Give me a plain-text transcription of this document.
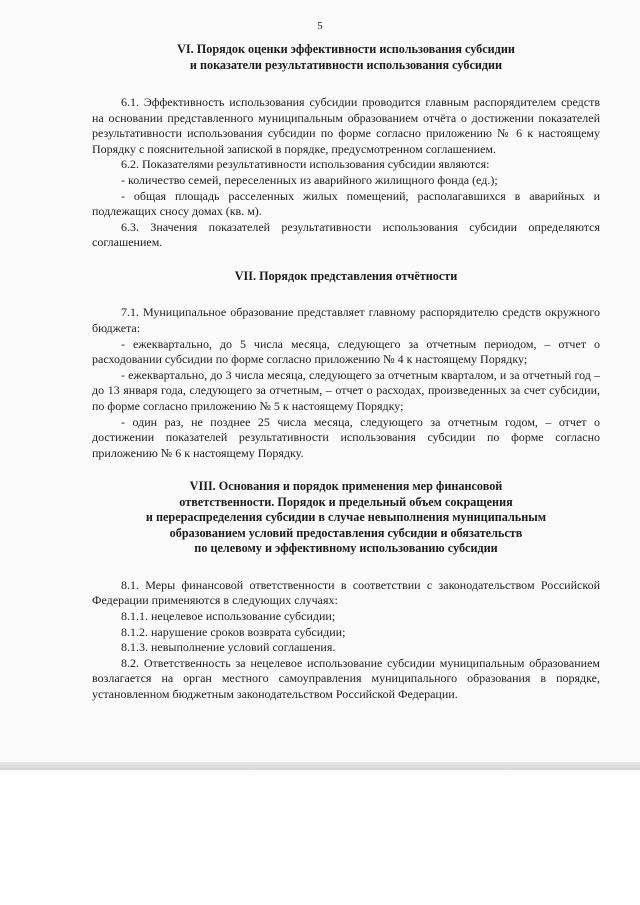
5
VI. Порядок оценки эффективности использования субсидии
и показатели результативности использования субсидии

6.1. Эффективность использования субсидии проводится главным распорядителем средств на основании представленного муниципальным образованием отчёта о достижении показателей результативности использования субсидии по форме согласно приложению № 6 к настоящему Порядку с пояснительной запиской в порядке, предусмотренном соглашением.

6.2. Показателями результативности использования субсидии являются:

- количество семей, переселенных из аварийного жилищного фонда (ед.);

- общая площадь расселенных жилых помещений, располагавшихся в аварийных и подлежащих сносу домах (кв. м).

6.3. Значения показателей результативности использования субсидии определяются соглашением.

VII. Порядок представления отчётности

7.1. Муниципальное образование представляет главному распорядителю средств окружного бюджета:

- ежеквартально, до 5 числа месяца, следующего за отчетным периодом, – отчет о расходовании субсидии по форме согласно приложению № 4 к настоящему Порядку;

- ежеквартально, до 3 числа месяца, следующего за отчетным кварталом, и за отчетный год – до 13 января года, следующего за отчетным, – отчет о расходах, произведенных за счет субсидии, по форме согласно приложению № 5 к настоящему Порядку;

- один раз, не позднее 25 числа месяца, следующего за отчетным годом, – отчет о достижении показателей результативности использования субсидии по форме согласно приложению № 6 к настоящему Порядку.

VIII. Основания и порядок применения мер финансовой
ответственности. Порядок и предельный объем сокращения
и перераспределения субсидии в случае невыполнения муниципальным
образованием условий предоставления субсидии и обязательств
по целевому и эффективному использованию субсидии

8.1. Меры финансовой ответственности в соответствии с законодательством Российской Федерации применяются в следующих случаях:

8.1.1. нецелевое использование субсидии;

8.1.2. нарушение сроков возврата субсидии;

8.1.3. невыполнение условий соглашения.

8.2. Ответственность за нецелевое использование субсидии муниципальным образованием возлагается на орган местного самоуправления муниципального образования в порядке, установленном бюджетным законодательством Российской Федерации.
